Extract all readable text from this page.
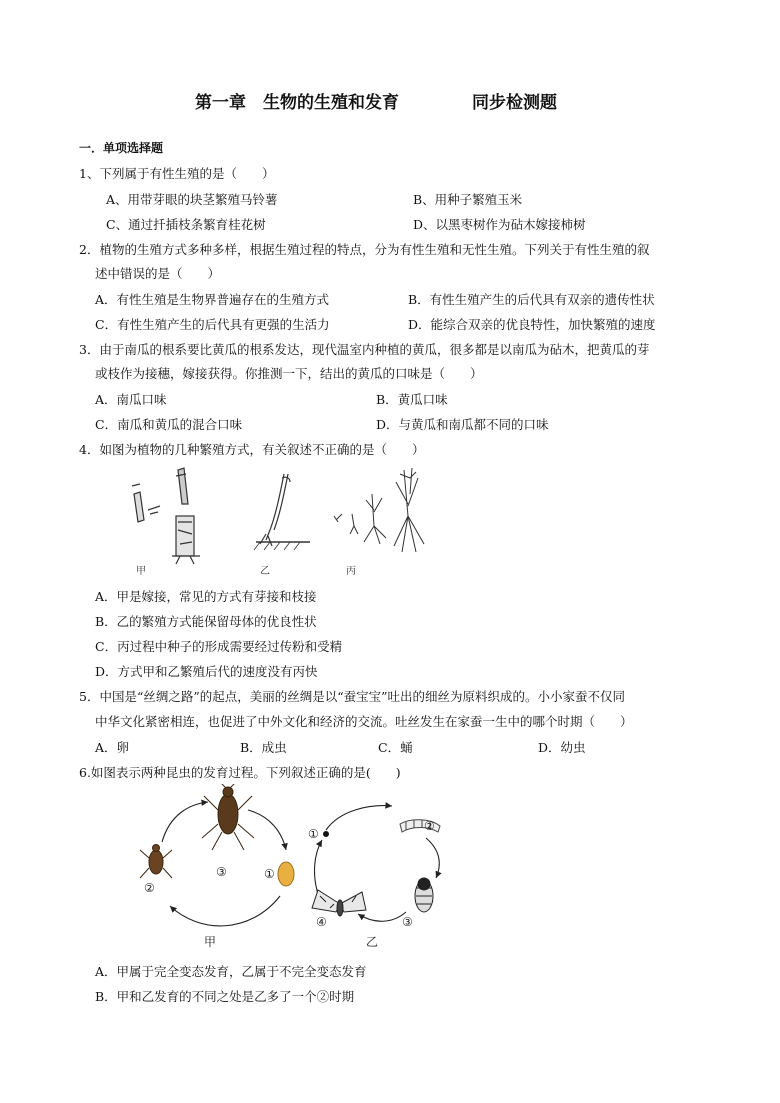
第一章　生物的生殖和发育	同步检测题
一．单项选择题
1、下列属于有性生殖的是（　　）
A、用带芽眼的块茎繁殖马铃薯	B、用种子繁殖玉米
C、通过扦插枝条繁育桂花树	D、以黑枣树作为砧木嫁接柿树
2．植物的生殖方式多种多样，根据生殖过程的特点，分为有性生殖和无性生殖。下列关于有性生殖的叙
述中错误的是（　　）
A．有性生殖是生物界普遍存在的生殖方式	B．有性生殖产生的后代具有双亲的遗传性状
C．有性生殖产生的后代具有更强的生活力	D．能综合双亲的优良特性，加快繁殖的速度
3．由于南瓜的根系要比黄瓜的根系发达，现代温室内种植的黄瓜，很多都是以南瓜为砧木，把黄瓜的芽
或枝作为接穗，嫁接获得。你推测一下，结出的黄瓜的口味是（　　）
A．南瓜口味	B．黄瓜口味
C．南瓜和黄瓜的混合口味	D．与黄瓜和南瓜都不同的口味
4．如图为植物的几种繁殖方式，有关叙述不正确的是（　　）
甲	乙	丙
A．甲是嫁接，常见的方式有芽接和枝接
B．乙的繁殖方式能保留母体的优良性状
C．丙过程中种子的形成需要经过传粉和受精
D．方式甲和乙繁殖后代的速度没有丙快
5．中国是“丝绸之路”的起点，美丽的丝绸是以“蚕宝宝”吐出的细丝为原料织成的。小小家蚕不仅同
中华文化紧密相连，也促进了中外文化和经济的交流。吐丝发生在家蚕一生中的哪个时期（　　）
A．卵	B．成虫	C．蛹	D．幼虫
6.如图表示两种昆虫的发育过程。下列叙述正确的是(　　)
②
③	①
甲
①
②
③
④
乙
A．甲属于完全变态发育，乙属于不完全变态发育
B．甲和乙发育的不同之处是乙多了一个②时期
